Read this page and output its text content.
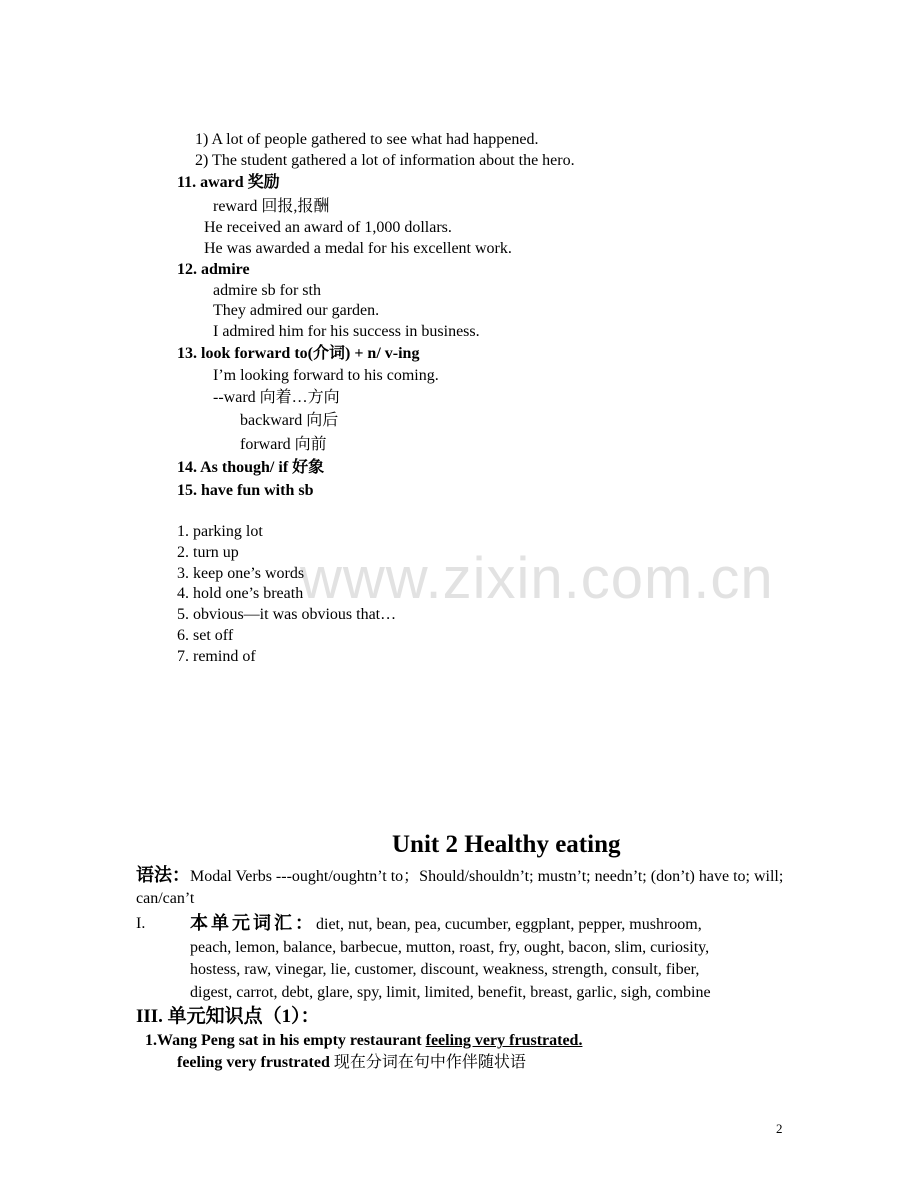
www.zixin.com.cn
1) A lot of people gathered to see what had happened.
2) The student gathered a lot of information about the hero.
11. award 奖励
reward 回报,报酬
He received an award of 1,000 dollars.
He was awarded a medal for his excellent work.
12. admire
admire sb for sth
They admired our garden.
I admired him for his success in business.
13. look forward to(介词) + n/ v-ing
I’m looking forward to his coming.
--ward 向着…方向
backward 向后
forward 向前
14. As though/ if 好象
15. have fun with sb
1. parking lot
2. turn up
3. keep one’s words
4. hold one’s breath
5. obvious—it was obvious that…
6. set off
7. remind of
Unit 2 Healthy eating
语法：Modal Verbs ---ought/oughtn’t to；Should/shouldn’t; mustn’t; needn’t; (don’t) have to; will;
can/can’t
I. 本单元词汇：diet, nut, bean, pea, cucumber, eggplant, pepper, mushroom,
peach, lemon, balance, barbecue, mutton, roast, fry, ought, bacon, slim, curiosity,
hostess, raw, vinegar, lie, customer, discount, weakness, strength, consult, fiber,
digest, carrot, debt, glare, spy, limit, limited, benefit, breast, garlic, sigh, combine
III. 单元知识点（1）：
1.Wang Peng sat in his empty restaurant feeling very frustrated.
feeling very frustrated 现在分词在句中作伴随状语
2
